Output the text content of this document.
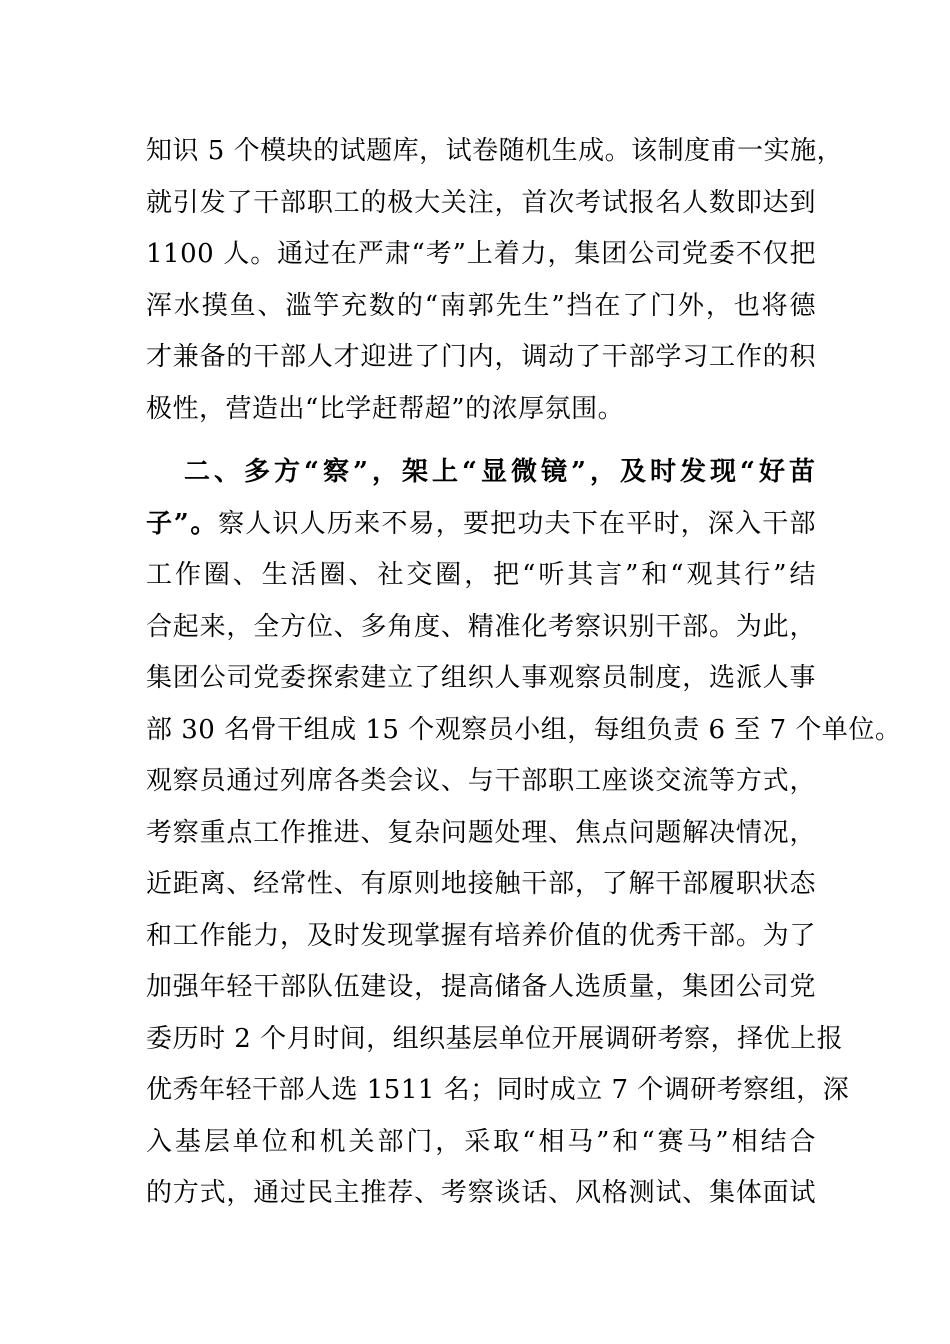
知识 5 个模块的试题库，试卷随机生成。该制度甫一实施，

就引发了干部职工的极大关注，首次考试报名人数即达到

1100 人。通过在严肃“考”上着力，集团公司党委不仅把

浑水摸鱼、滥竽充数的“南郭先生”挡在了门外，也将德

才兼备的干部人才迎进了门内，调动了干部学习工作的积

极性，营造出“比学赶帮超”的浓厚氛围。

二、多方“察”，架上“显微镜”，及时发现“好苗

子”。察人识人历来不易，要把功夫下在平时，深入干部

工作圈、生活圈、社交圈，把“听其言”和“观其行”结

合起来，全方位、多角度、精准化考察识别干部。为此，

集团公司党委探索建立了组织人事观察员制度，选派人事

部 30 名骨干组成 15 个观察员小组，每组负责 6 至 7 个单位。

观察员通过列席各类会议、与干部职工座谈交流等方式，

考察重点工作推进、复杂问题处理、焦点问题解决情况，

近距离、经常性、有原则地接触干部，了解干部履职状态

和工作能力，及时发现掌握有培养价值的优秀干部。为了

加强年轻干部队伍建设，提高储备人选质量，集团公司党

委历时 2 个月时间，组织基层单位开展调研考察，择优上报

优秀年轻干部人选 1511 名；同时成立 7 个调研考察组，深

入基层单位和机关部门，采取“相马”和“赛马”相结合

的方式，通过民主推荐、考察谈话、风格测试、集体面试
